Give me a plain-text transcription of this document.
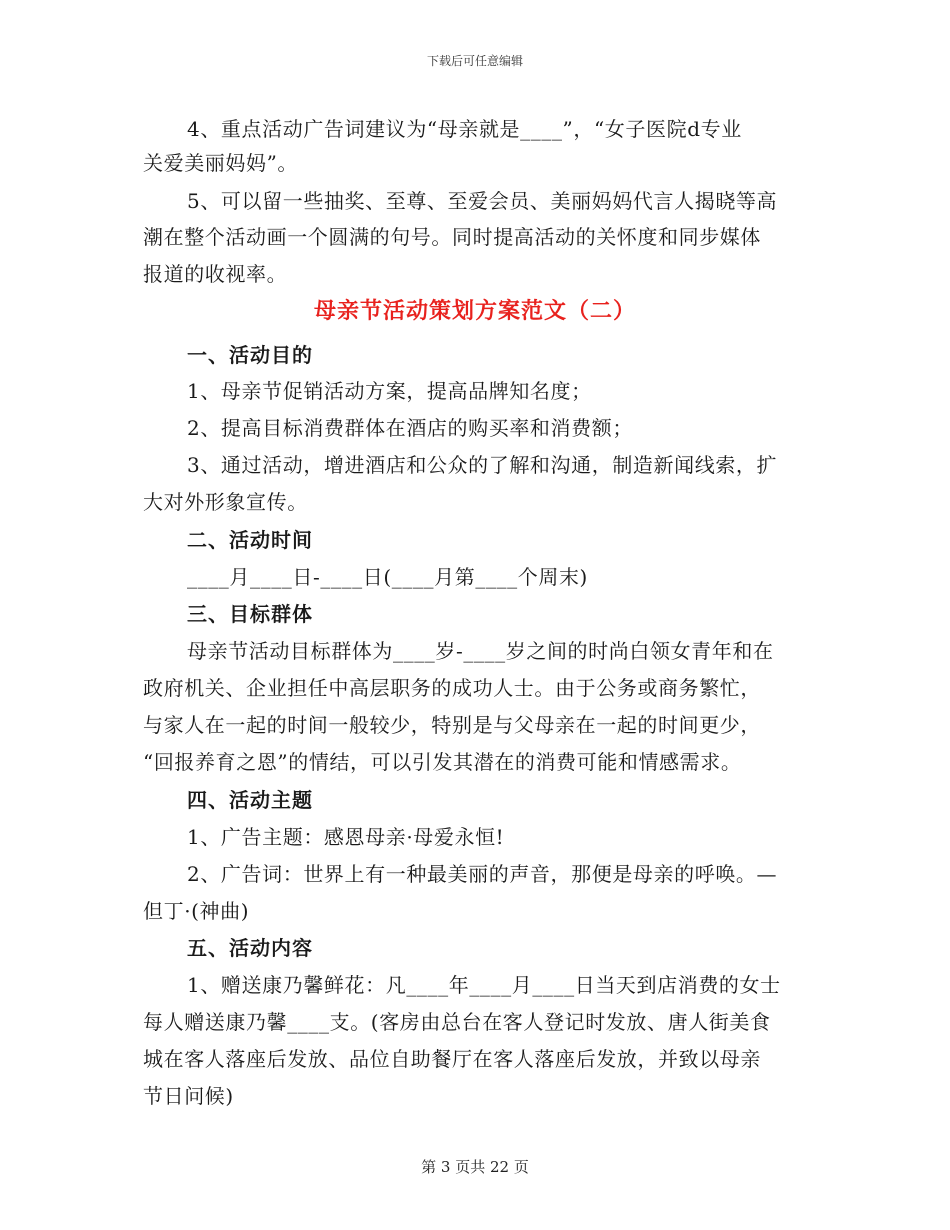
下载后可任意编辑
4、重点活动广告词建议为“母亲就是____”，“女子医院d专业
关爱美丽妈妈”。
5、可以留一些抽奖、至尊、至爱会员、美丽妈妈代言人揭晓等高
潮在整个活动画一个圆满的句号。同时提高活动的关怀度和同步媒体
报道的收视率。
母亲节活动策划方案范文（二）
一、活动目的
1、母亲节促销活动方案，提高品牌知名度；
2、提高目标消费群体在酒店的购买率和消费额；
3、通过活动，增进酒店和公众的了解和沟通，制造新闻线索，扩
大对外形象宣传。
二、活动时间
____月____日-____日(____月第____个周末)
三、目标群体
母亲节活动目标群体为____岁-____岁之间的时尚白领女青年和在
政府机关、企业担任中高层职务的成功人士。由于公务或商务繁忙，
与家人在一起的时间一般较少，特别是与父母亲在一起的时间更少，
“回报养育之恩”的情结，可以引发其潜在的消费可能和情感需求。
四、活动主题
1、广告主题：感恩母亲·母爱永恒!
2、广告词：世界上有一种最美丽的声音，那便是母亲的呼唤。—
但丁·(神曲)
五、活动内容
1、赠送康乃馨鲜花：凡____年____月____日当天到店消费的女士
每人赠送康乃馨____支。(客房由总台在客人登记时发放、唐人街美食
城在客人落座后发放、品位自助餐厅在客人落座后发放，并致以母亲
节日问候)
第 3 页共 22 页
